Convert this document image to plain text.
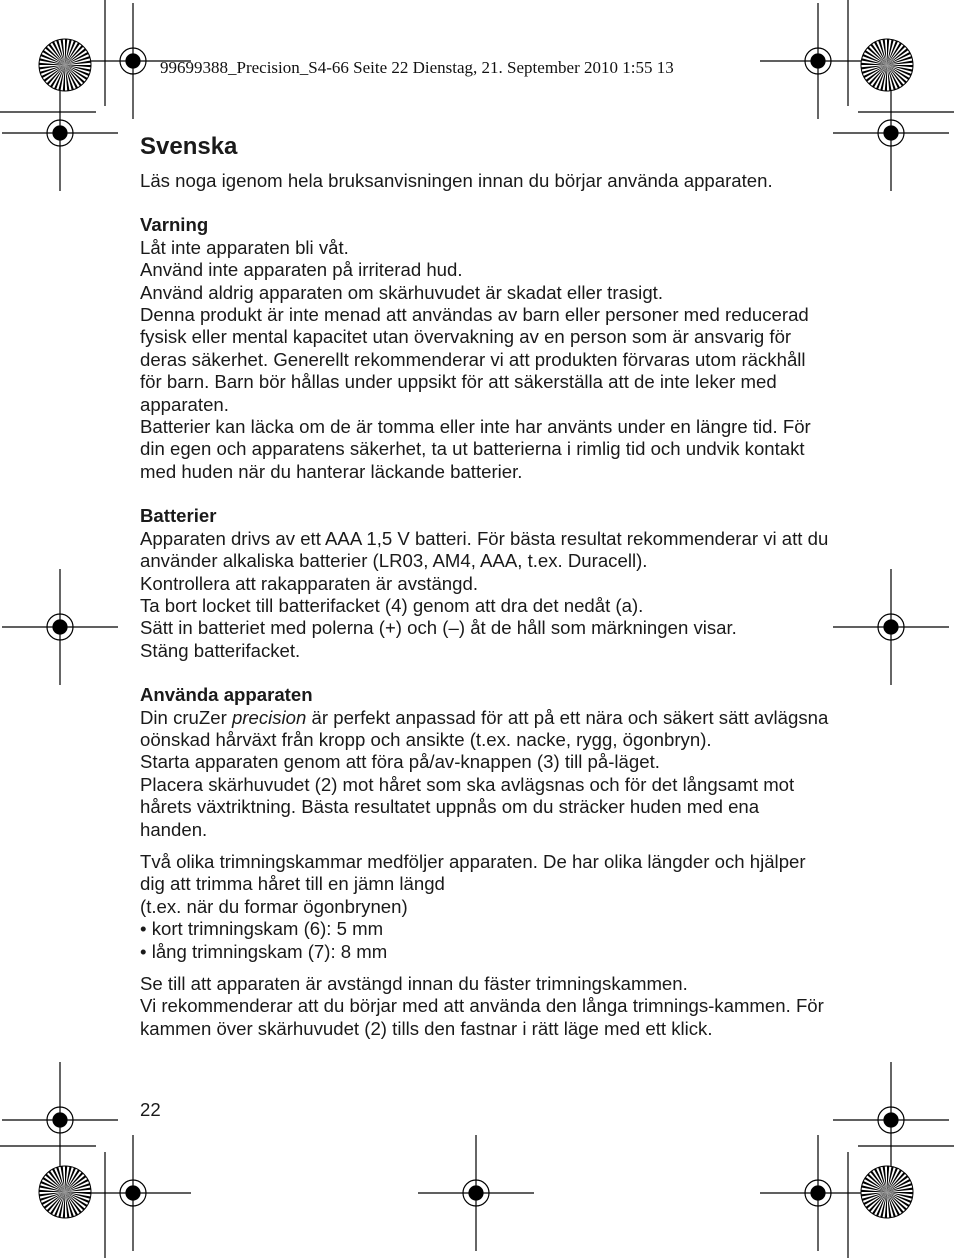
99699388_Precision_S4-66 Seite 22 Dienstag, 21. September 2010 1:55 13
Svenska

Läs noga igenom hela bruksanvisningen innan du börjar använda apparaten.

Varning

Låt inte apparaten bli våt.

Använd inte apparaten på irriterad hud.

Använd aldrig apparaten om skärhuvudet är skadat eller trasigt.

Denna produkt är inte menad att användas av barn eller personer med reducerad fysisk eller mental kapacitet utan övervakning av en person som är ansvarig för deras säkerhet. Generellt rekommenderar vi att produkten förvaras utom räckhåll för barn. Barn bör hållas under uppsikt för att säkerställa att de inte leker med apparaten.

Batterier kan läcka om de är tomma eller inte har använts under en längre tid. För din egen och apparatens säkerhet, ta ut batterierna i rimlig tid och undvik kontakt med huden när du hanterar läckande batterier.

Batterier

Apparaten drivs av ett AAA 1,5 V batteri. För bästa resultat rekommenderar vi att du använder alkaliska batterier (LR03, AM4, AAA, t.ex. Duracell).

Kontrollera att rakapparaten är avstängd.

Ta bort locket till batterifacket (4) genom att dra det nedåt (a).

Sätt in batteriet med polerna (+) och (–) åt de håll som märkningen visar.

Stäng batterifacket.

Använda apparaten

Din cruZer precision är perfekt anpassad för att på ett nära och säkert sätt avlägsna oönskad hårväxt från kropp och ansikte (t.ex. nacke, rygg, ögonbryn).

Starta apparaten genom att föra på/av-knappen (3) till på-läget.

Placera skärhuvudet (2) mot håret som ska avlägsnas och för det långsamt mot hårets växtriktning. Bästa resultatet uppnås om du sträcker huden med ena handen.

Två olika trimningskammar medföljer apparaten. De har olika längder och hjälper dig att trimma håret till en jämn längd

(t.ex. när du formar ögonbrynen)

• kort trimningskam (6): 5 mm

• lång trimningskam (7): 8 mm

Se till att apparaten är avstängd innan du fäster trimningskammen.

Vi rekommenderar att du börjar med att använda den långa trimnings-kammen. För kammen över skärhuvudet (2) tills den fastnar i rätt läge med ett klick.

22
